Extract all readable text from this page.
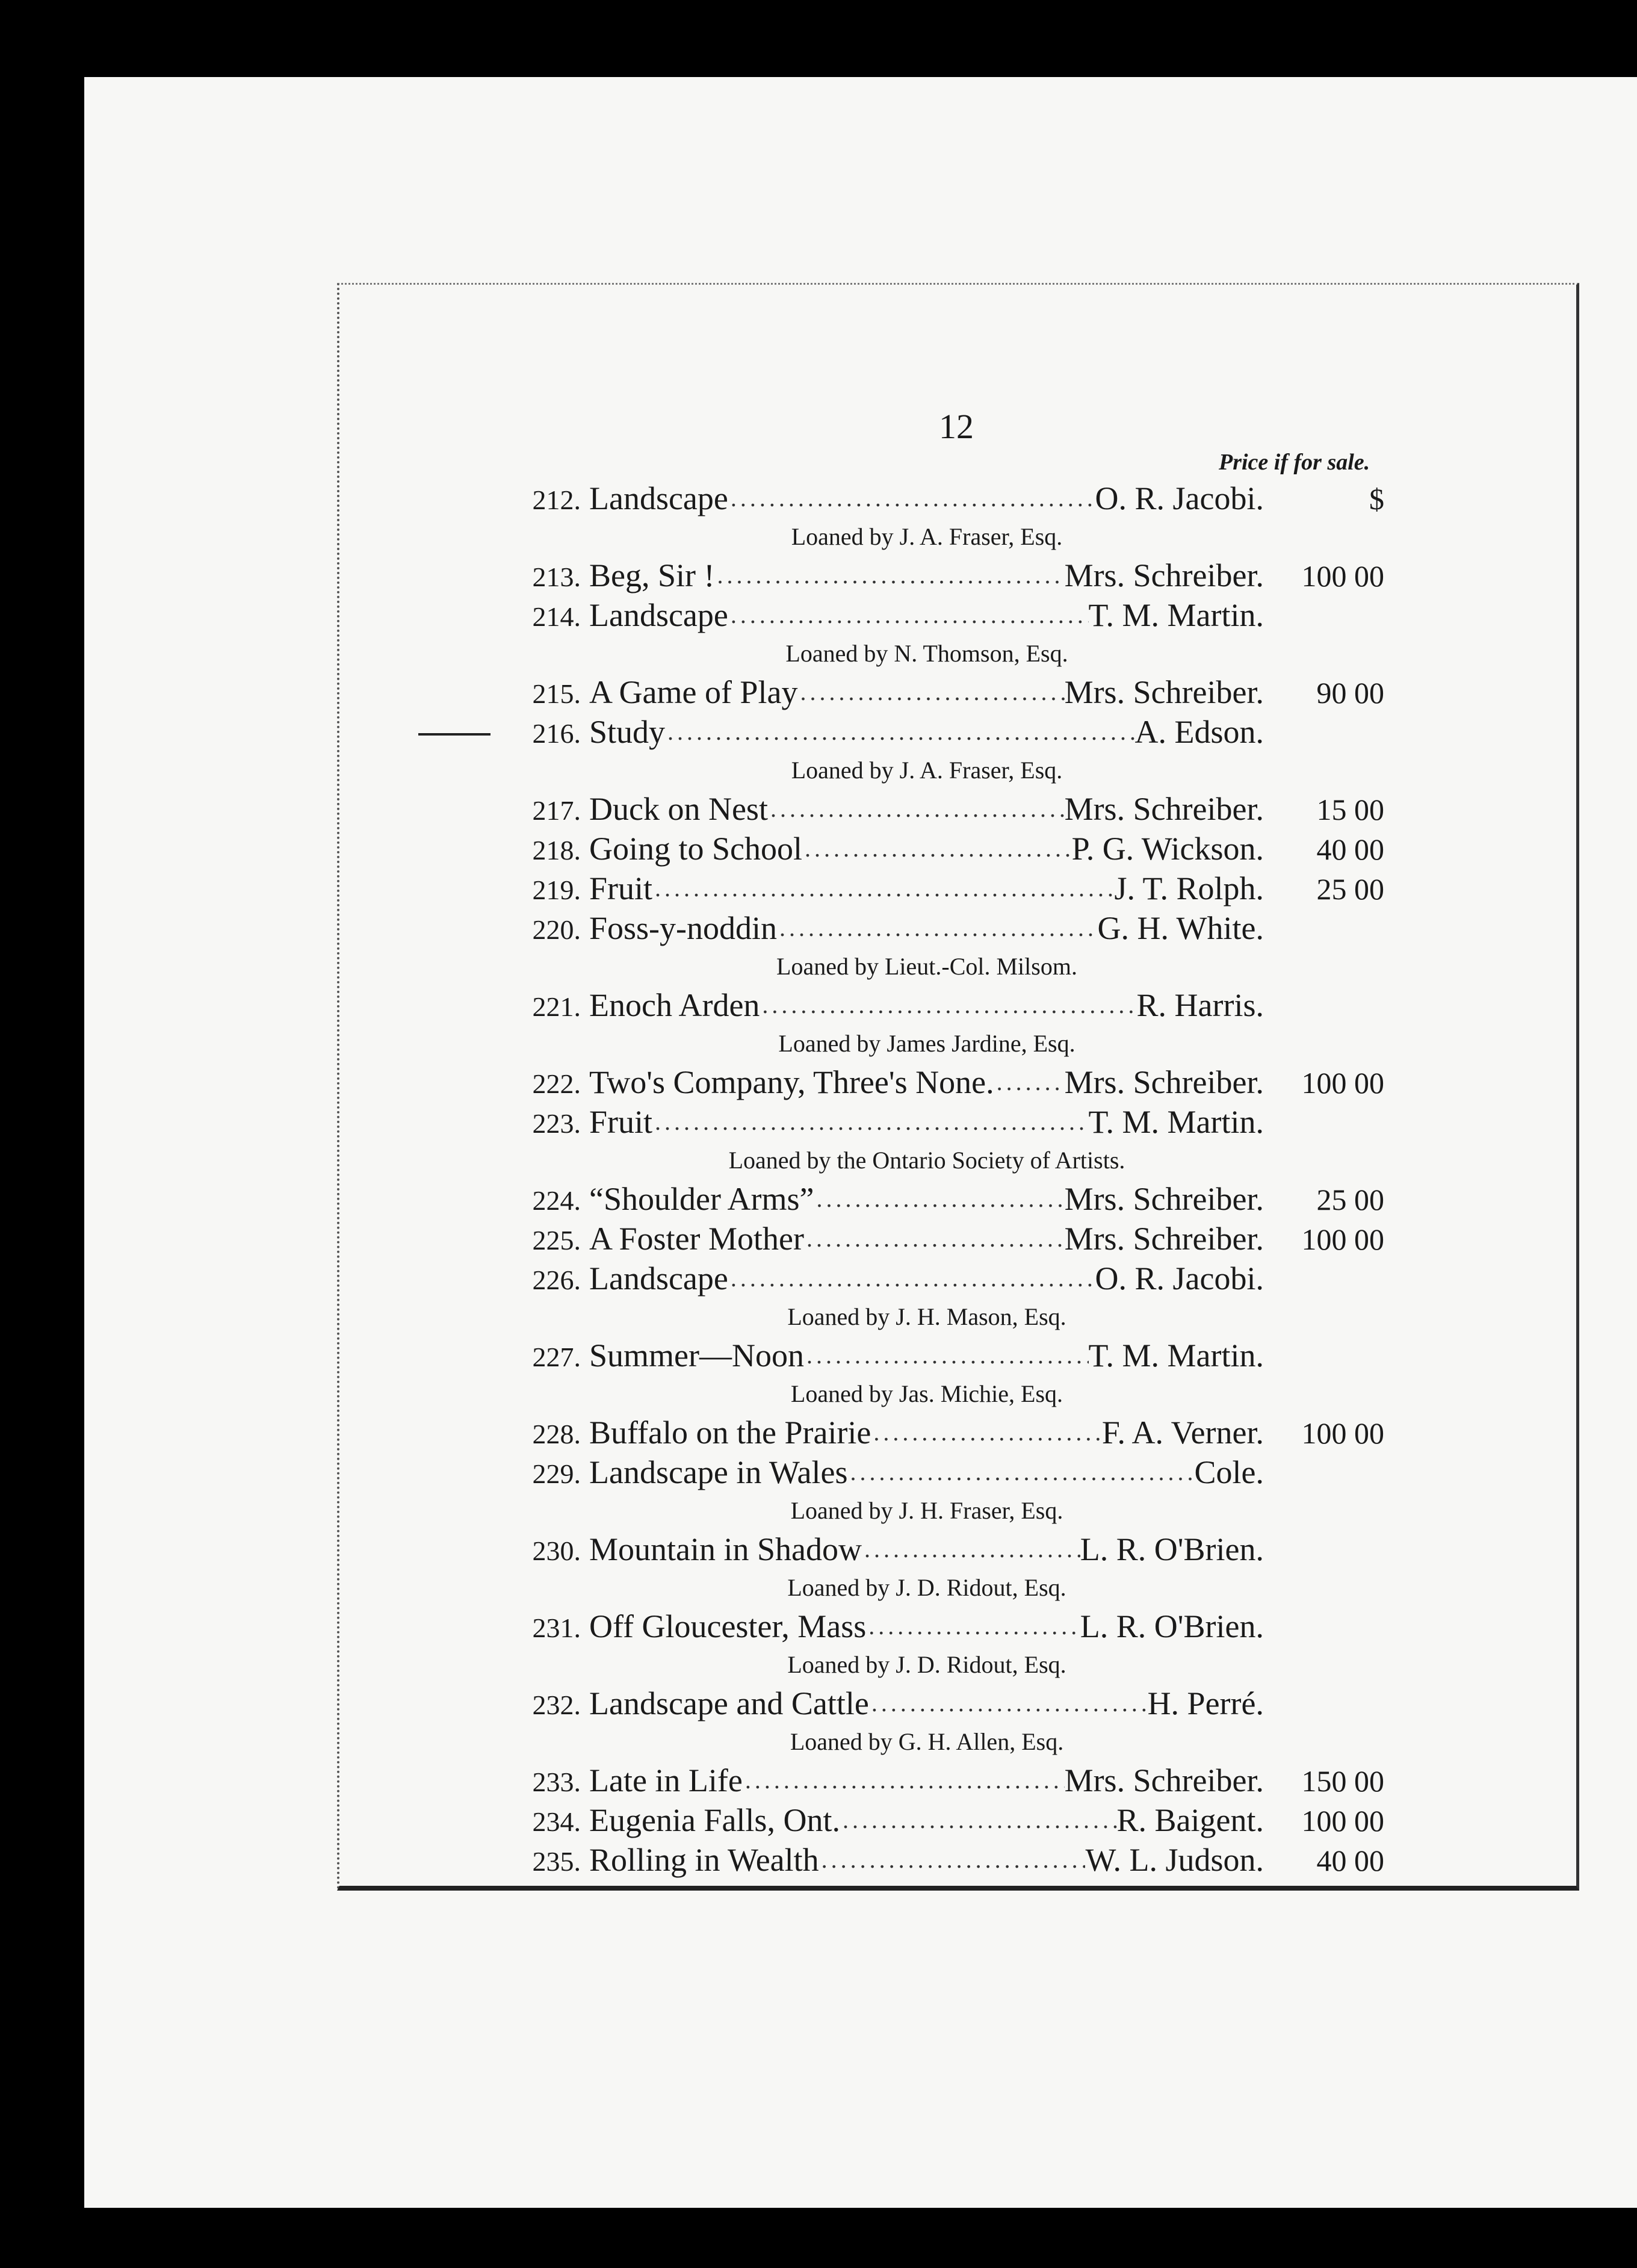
12
Price if for sale.
212. Landscape .....	O. R. Jacobi.	$
Loaned by J. A. Fraser, Esq.
213. Beg, Sir ! .....	Mrs. Schreiber.	100 00
214. Landscape .....	T. M. Martin.
Loaned by N. Thomson, Esq.
215. A Game of Play .....	Mrs. Schreiber.	90 00
216. Study .....	A. Edson.
Loaned by J. A. Fraser, Esq.
217. Duck on Nest .....	Mrs. Schreiber.	15 00
218. Going to School .....	P. G. Wickson.	40 00
219. Fruit .....	J. T. Rolph.	25 00
220. Foss-y-noddin .....	G. H. White.
Loaned by Lieut.-Col. Milsom.
221. Enoch Arden .....	R. Harris.
Loaned by James Jardine, Esq.
222. Two's Company, Three's None. ..... Mrs. Schreiber.	100 00
223. Fruit .....	T. M. Martin.
Loaned by the Ontario Society of Artists.
224. “Shoulder Arms” .....	Mrs. Schreiber.	25 00
225. A Foster Mother .....	Mrs. Schreiber.	100 00
226. Landscape .....	O. R. Jacobi.
Loaned by J. H. Mason, Esq.
227. Summer—Noon .....	T. M. Martin.
Loaned by Jas. Michie, Esq.
228. Buffalo on the Prairie .....	F. A. Verner.	100 00
229. Landscape in Wales .....	Cole.
Loaned by J. H. Fraser, Esq.
230. Mountain in Shadow .....	L. R. O'Brien.
Loaned by J. D. Ridout, Esq.
231. Off Gloucester, Mass .....	L. R. O'Brien.
Loaned by J. D. Ridout, Esq.
232. Landscape and Cattle .....	H. Perré.
Loaned by G. H. Allen, Esq.
233. Late in Life .....	Mrs. Schreiber.	150 00
234. Eugenia Falls, Ont. .....	R. Baigent.	100 00
235. Rolling in Wealth .....	W. L. Judson.	40 00
